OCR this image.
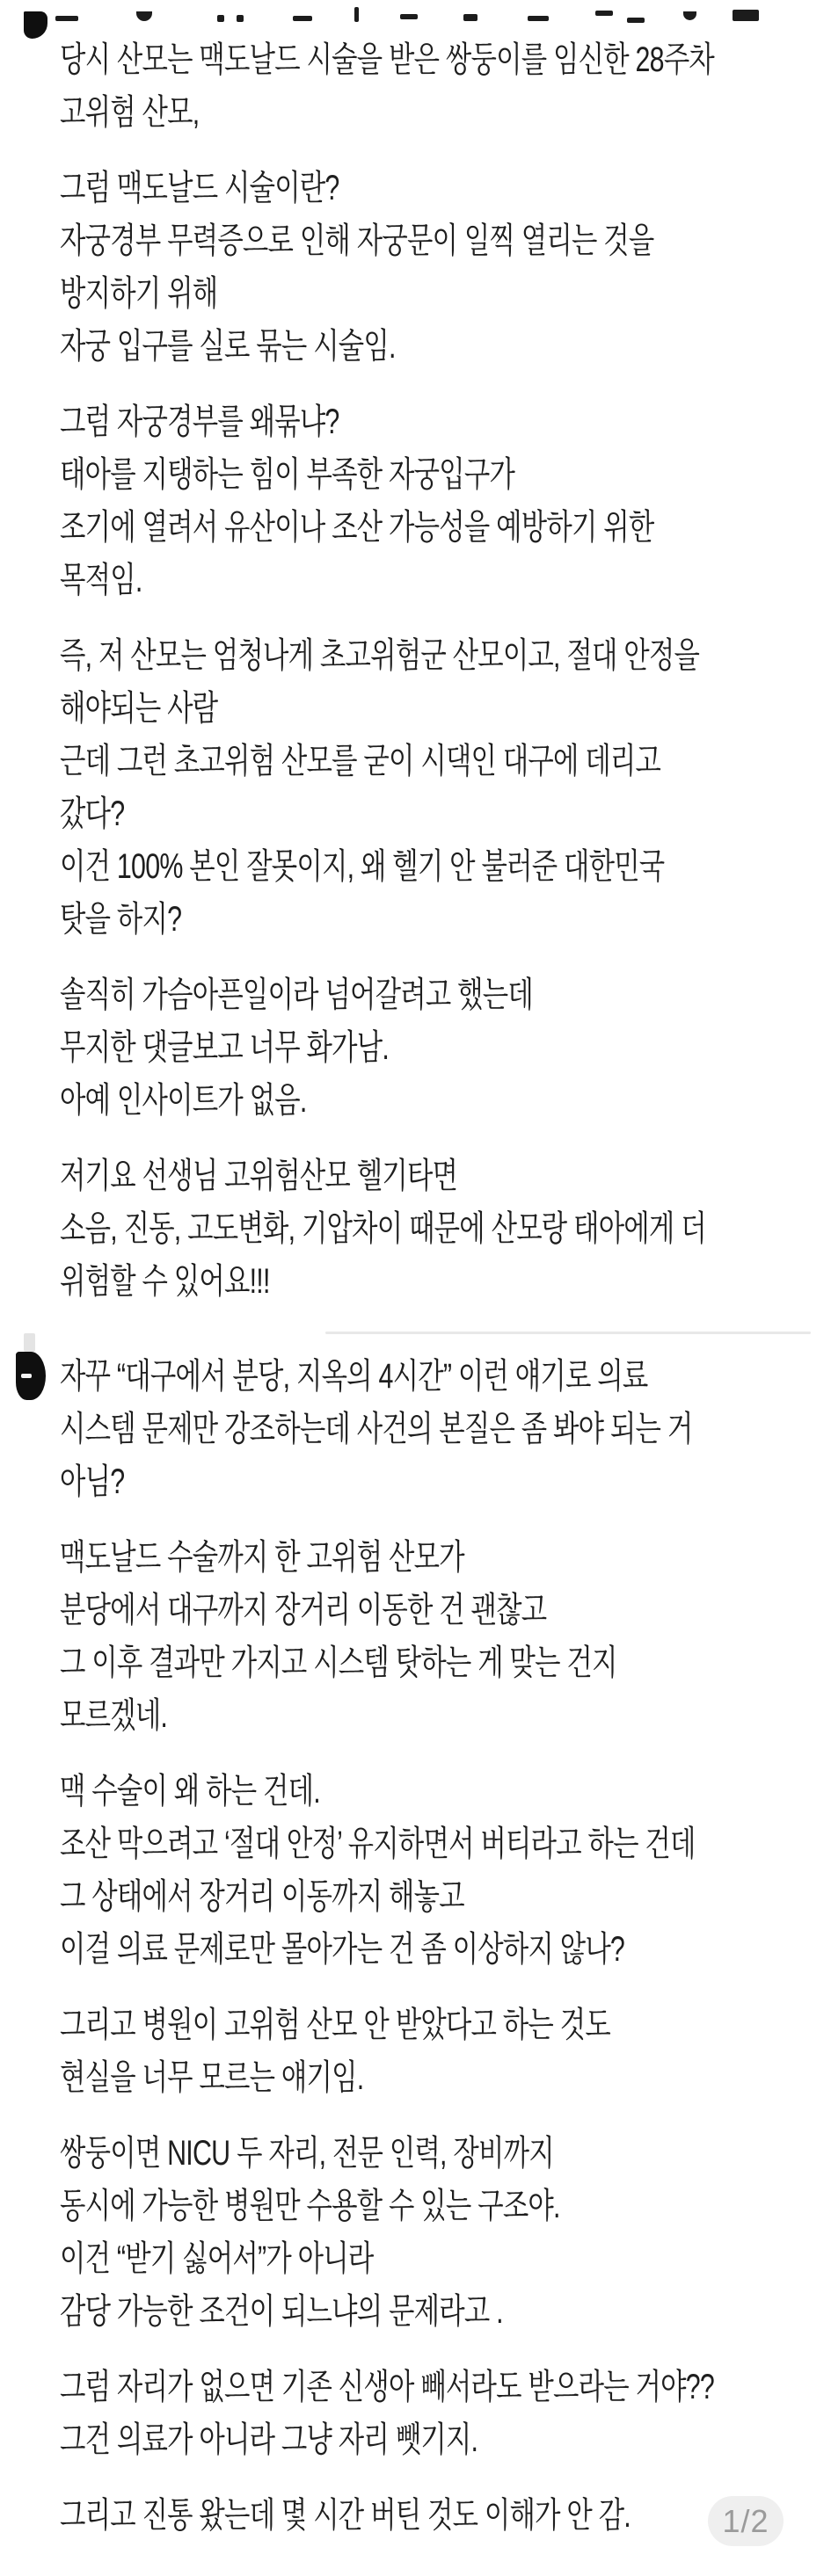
당시 산모는 맥도날드 시술을 받은 쌍둥이를 임신한 28주차
고위험 산모,
그럼 맥도날드 시술이란?
자궁경부 무력증으로 인해 자궁문이 일찍 열리는 것을
방지하기 위해
자궁 입구를 실로 묶는 시술임.
그럼 자궁경부를 왜묶냐?
태아를 지탱하는 힘이 부족한 자궁입구가
조기에 열려서 유산이나 조산 가능성을 예방하기 위한
목적임.
즉, 저 산모는 엄청나게 초고위험군 산모이고, 절대 안정을
해야되는 사람
근데 그런 초고위험 산모를 굳이 시댁인 대구에 데리고
갔다?
이건 100% 본인 잘못이지, 왜 헬기 안 불러준 대한민국
탓을 하지?
솔직히 가슴아픈일이라 넘어갈려고 했는데
무지한 댓글보고 너무 화가남.
아예 인사이트가 없음.
저기요 선생님 고위험산모 헬기타면
소음, 진동, 고도변화, 기압차이 때문에 산모랑 태아에게 더
위험할 수 있어요!!!
자꾸 “대구에서 분당, 지옥의 4시간” 이런 얘기로 의료
시스템 문제만 강조하는데 사건의 본질은 좀 봐야 되는 거
아님?
맥도날드 수술까지 한 고위험 산모가
분당에서 대구까지 장거리 이동한 건 괜찮고
그 이후 결과만 가지고 시스템 탓하는 게 맞는 건지
모르겠네.
맥 수술이 왜 하는 건데.
조산 막으려고 ‘절대 안정’ 유지하면서 버티라고 하는 건데
그 상태에서 장거리 이동까지 해놓고
이걸 의료 문제로만 몰아가는 건 좀 이상하지 않나?
그리고 병원이 고위험 산모 안 받았다고 하는 것도
현실을 너무 모르는 얘기임.
쌍둥이면 NICU 두 자리, 전문 인력, 장비까지
동시에 가능한 병원만 수용할 수 있는 구조야.
이건 “받기 싫어서”가 아니라
감당 가능한 조건이 되느냐의 문제라고 .
그럼 자리가 없으면 기존 신생아 빼서라도 받으라는 거야??
그건 의료가 아니라 그냥 자리 뺏기지.
그리고 진통 왔는데 몇 시간 버틴 것도 이해가 안 감.	1/2
